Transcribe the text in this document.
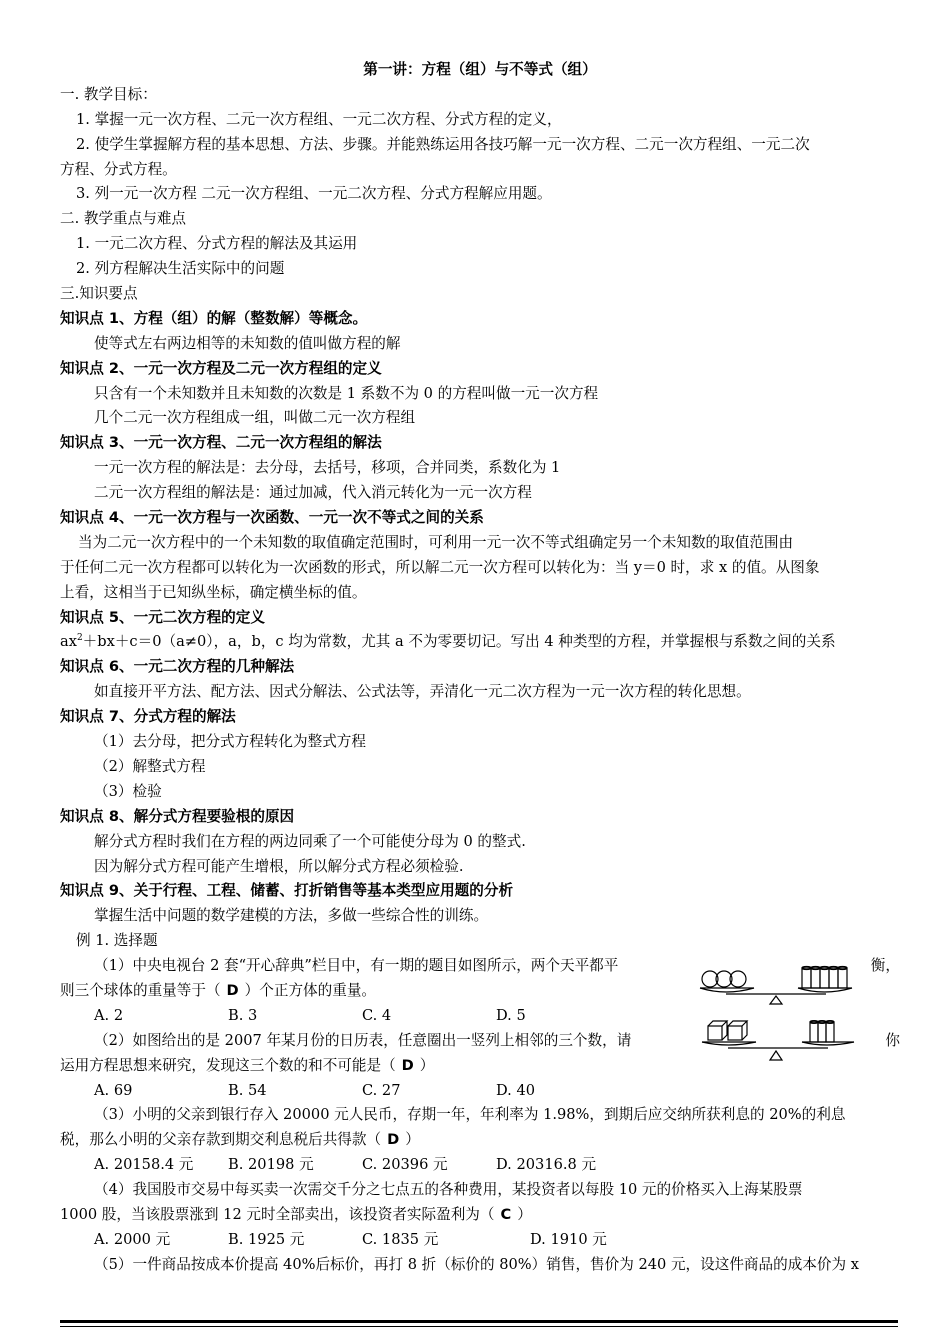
第一讲：方程（组）与不等式（组）
一. 教学目标：
1. 掌握一元一次方程、二元一次方程组、一元二次方程、分式方程的定义，
2. 使学生掌握解方程的基本思想、方法、步骤。并能熟练运用各技巧解一元一次方程、二元一次方程组、一元二次
方程、分式方程。
3. 列一元一次方程 二元一次方程组、一元二次方程、分式方程解应用题。
二. 教学重点与难点
1. 一元二次方程、分式方程的解法及其运用
2. 列方程解决生活实际中的问题
三.知识要点
知识点 1、方程（组）的解（整数解）等概念。
使等式左右两边相等的未知数的值叫做方程的解
知识点 2、一元一次方程及二元一次方程组的定义
只含有一个未知数并且未知数的次数是 1 系数不为 0 的方程叫做一元一次方程
几个二元一次方程组成一组，叫做二元一次方程组
知识点 3、一元一次方程、二元一次方程组的解法
一元一次方程的解法是：去分母，去括号，移项，合并同类，系数化为 1
二元一次方程组的解法是：通过加减，代入消元转化为一元一次方程
知识点 4、一元一次方程与一次函数、一元一次不等式之间的关系
当为二元一次方程中的一个未知数的取值确定范围时，可利用一元一次不等式组确定另一个未知数的取值范围由
于任何二元一次方程都可以转化为一次函数的形式，所以解二元一次方程可以转化为：当 y＝0 时，求 x 的值。从图象
上看，这相当于已知纵坐标，确定横坐标的值。
知识点 5、一元二次方程的定义
$ax^2+bx+c=0(a\ne 0)$，a，b，c 均为常数，尤其 a 不为零要切记。写出 4 种类型的方程，并掌握根与系数之间的关系
知识点 6、一元二次方程的几种解法
如直接开平方法、配方法、因式分解法、公式法等，弄清化一元二次方程为一元一次方程的转化思想。
知识点 7、分式方程的解法
（1）去分母，把分式方程转化为整式方程
（2）解整式方程
（3）检验
知识点 8、解分式方程要验根的原因
解分式方程时我们在方程的两边同乘了一个可能使分母为 0 的整式.
因为解分式方程可能产生增根，所以解分式方程必须检验.
知识点 9、关于行程、工程、储蓄、打折销售等基本类型应用题的分析
掌握生活中问题的数学建模的方法，多做一些综合性的训练。
例 1. 选择题
（1）中央电视台 2 套“开心辞典”栏目中，有一期的题目如图所示，两个天平都平	衡，
则三个球体的重量等于（ D ）个正方体的重量。
A. 2	B. 3	C. 4	D. 5
（2）如图给出的是 2007 年某月份的日历表，任意圈出一竖列上相邻的三个数，请	你
运用方程思想来研究，发现这三个数的和不可能是（ D ）
A. 69	B. 54	C. 27	D. 40
（3）小明的父亲到银行存入 20000 元人民币，存期一年，年利率为 1.98%，到期后应交纳所获利息的 20%的利息
税，那么小明的父亲存款到期交利息税后共得款（ D ）
A. 20158.4 元 B. 20198 元	C. 20396 元	D. 20316.8 元
（4）我国股市交易中每买卖一次需交千分之七点五的各种费用，某投资者以每股 10 元的价格买入上海某股票
1000 股，当该股票涨到 12 元时全部卖出，该投资者实际盈利为（ C ）
A. 2000 元	B. 1925 元	C. 1835 元	D. 1910 元
（5）一件商品按成本价提高 40%后标价，再打 8 折（标价的 80%）销售，售价为 240 元，设这件商品的成本价为 x
